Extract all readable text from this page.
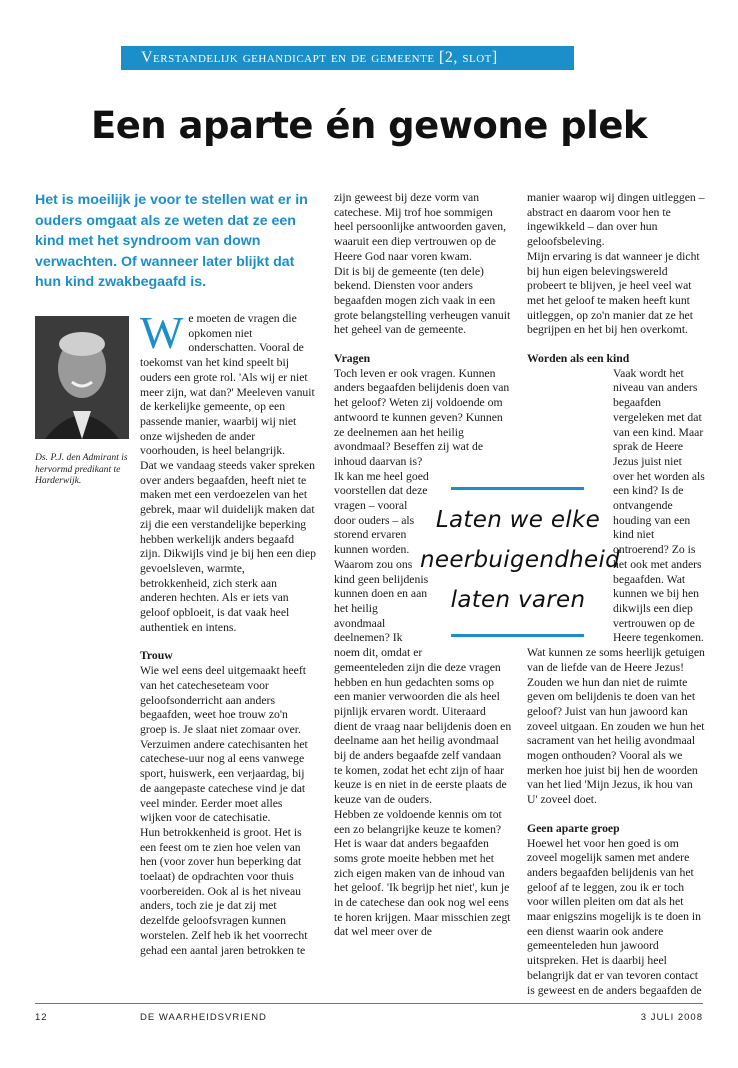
Verstandelijk gehandicapt en de gemeente [2, slot]
Een aparte én gewone plek
Het is moeilijk je voor te stellen wat er in ouders omgaat als ze weten dat ze een kind met het syndroom van down verwachten. Of wanneer later blijkt dat hun kind zwakbegaafd is.
Ds. P.J. den Admirant is hervormd predikant te Harderwijk.

We moeten de vragen die opkomen niet onderschatten. Vooral de toekomst van het kind speelt bij ouders een grote rol. 'Als wij er niet meer zijn, wat dan?' Meeleven vanuit de kerkelijke gemeente, op een passende manier, waarbij wij niet onze wijsheden de ander voorhouden, is heel belangrijk.

Dat we vandaag steeds vaker spreken over anders begaafden, heeft niet te maken met een verdoezelen van het gebrek, maar wil duidelijk maken dat zij die een verstandelijke beperking hebben werkelijk anders begaafd zijn. Dikwijls vind je bij hen een diep gevoelsleven, warmte, betrokkenheid, zich sterk aan anderen hechten. Als er iets van geloof opbloeit, is dat vaak heel authentiek en intens.

Trouw

Wie wel eens deel uitgemaakt heeft van het catecheseteam voor geloofsonderricht aan anders begaafden, weet hoe trouw zo'n groep is. Je slaat niet zomaar over. Verzuimen andere catechisanten het catechese-uur nog al eens vanwege sport, huiswerk, een verjaardag, bij de aangepaste catechese vind je dat veel minder. Eerder moet alles wijken voor de catechisatie.

Hun betrokkenheid is groot. Het is een feest om te zien hoe velen van hen (voor zover hun beperking dat toelaat) de opdrachten voor thuis voorbereiden. Ook al is het niveau anders, toch zie je dat zij met dezelfde geloofsvragen kunnen worstelen. Zelf heb ik het voorrecht gehad een aantal jaren betrokken te

zijn geweest bij deze vorm van catechese. Mij trof hoe sommigen heel persoonlijke antwoorden gaven, waaruit een diep vertrouwen op de Heere God naar voren kwam.

Dit is bij de gemeente (ten dele) bekend. Diensten voor anders begaafden mogen zich vaak in een grote belangstelling verheugen vanuit het geheel van de gemeente.

Vragen

Toch leven er ook vragen. Kunnen anders begaafden belijdenis doen van het geloof? Weten zij voldoende om antwoord te kunnen geven? Kunnen ze deelnemen aan het heilig avondmaal? Beseffen zij wat de inhoud daarvan is?

Ik kan me heel goed voorstellen dat deze vragen – vooral door ouders – als storend ervaren kunnen worden. Waarom zou ons kind geen belijdenis kunnen doen en aan het heilig avondmaal deelnemen? Ik noem dit, omdat er gemeenteleden zijn die deze vragen hebben en hun gedachten soms op een manier verwoorden die als heel pijnlijk ervaren wordt. Uiteraard dient de vraag naar belijdenis doen en deelname aan het heilig avondmaal bij de anders begaafde zelf vandaan te komen, zodat het echt zijn of haar keuze is en niet in de eerste plaats de keuze van de ouders.

Hebben ze voldoende kennis om tot een zo belangrijke keuze te komen? Het is waar dat anders begaafden soms grote moeite hebben met het zich eigen maken van de inhoud van het geloof. 'Ik begrijp het niet', kun je in de catechese dan ook nog wel eens te horen krijgen. Maar misschien zegt dat wel meer over de

manier waarop wij dingen uitleggen – abstract en daarom voor hen te ingewikkeld – dan over hun geloofsbeleving.

Mijn ervaring is dat wanneer je dicht bij hun eigen belevingswereld probeert te blijven, je heel veel wat met het geloof te maken heeft kunt uitleggen, op zo'n manier dat ze het begrijpen en het bij hen overkomt.

Worden als een kind

Vaak wordt het niveau van anders begaafden vergeleken met dat van een kind. Maar sprak de Heere Jezus juist niet over het worden als een kind? Is de ontvangende houding van een kind niet ontroerend? Zo is het ook met anders begaafden. Wat kunnen we bij hen dikwijls een diep vertrouwen op de Heere tegenkomen. Wat kunnen ze soms heerlijk getuigen van de liefde van de Heere Jezus! Zouden we hun dan niet de ruimte geven om belijdenis te doen van het geloof? Juist van hun jawoord kan zoveel uitgaan. En zouden we hun het sacrament van het heilig avondmaal mogen onthouden? Vooral als we merken hoe juist bij hen de woorden van het lied 'Mijn Jezus, ik hou van U' zoveel doet.

Geen aparte groep

Hoewel het voor hen goed is om zoveel mogelijk samen met andere anders begaafden belijdenis van het geloof af te leggen, zou ik er toch voor willen pleiten om dat als het maar enigszins mogelijk is te doen in een dienst waarin ook andere gemeenteleden hun jawoord uitspreken. Het is daarbij heel belangrijk dat er van tevoren contact is geweest en de anders begaafden de

Laten we elke neerbuigendheid laten varen
12	DE WAARHEIDSVRIEND	3 JULI 2008
